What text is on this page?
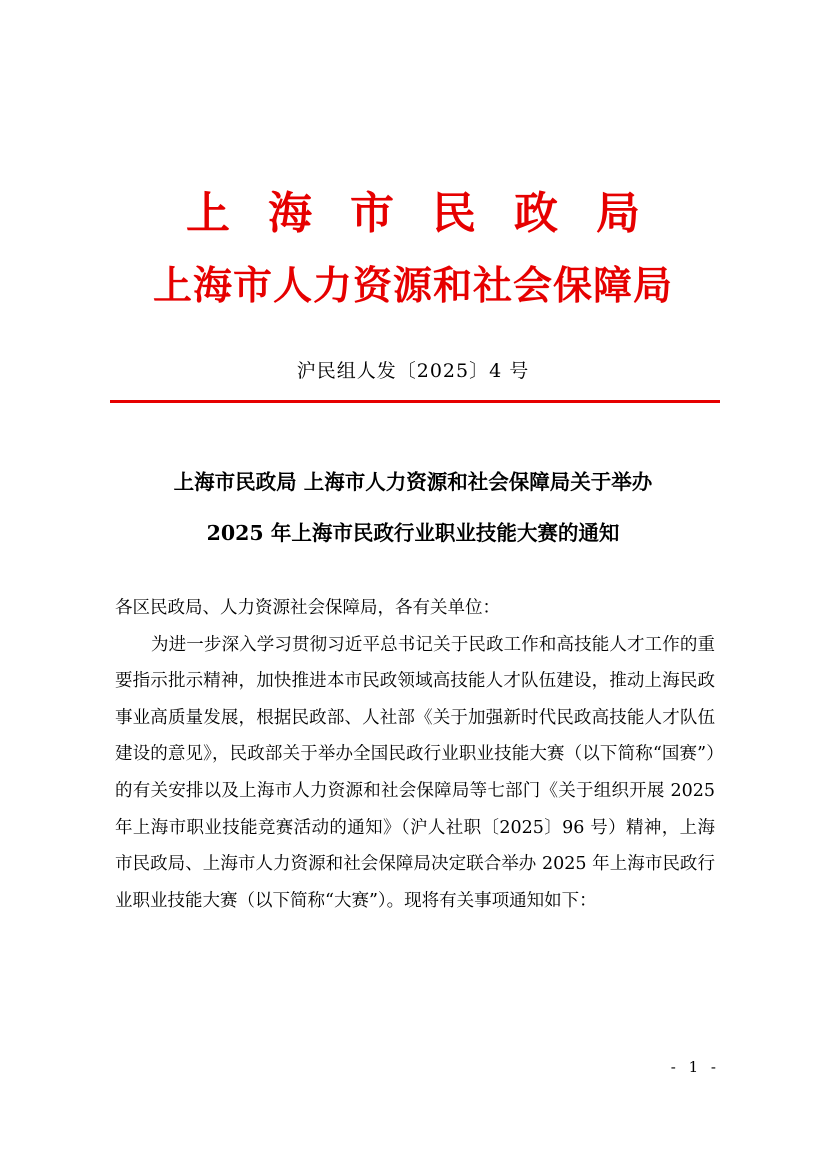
上海市民政局
上海市人力资源和社会保障局
沪民组人发〔2025〕4 号
上海市民政局 上海市人力资源和社会保障局关于举办
2025 年上海市民政行业职业技能大赛的通知

各区民政局、人力资源社会保障局，各有关单位：

为进一步深入学习贯彻习近平总书记关于民政工作和高技能人才工作的重要指示批示精神，加快推进本市民政领域高技能人才队伍建设，推动上海民政事业高质量发展，根据民政部、人社部《关于加强新时代民政高技能人才队伍建设的意见》，民政部关于举办全国民政行业职业技能大赛（以下简称“国赛”）的有关安排以及上海市人力资源和社会保障局等七部门《关于组织开展 2025 年上海市职业技能竞赛活动的通知》（沪人社职〔2025〕96 号）精神，上海市民政局、上海市人力资源和社会保障局决定联合举办 2025 年上海市民政行业职业技能大赛（以下简称“大赛”）。现将有关事项通知如下：

- 1 -
